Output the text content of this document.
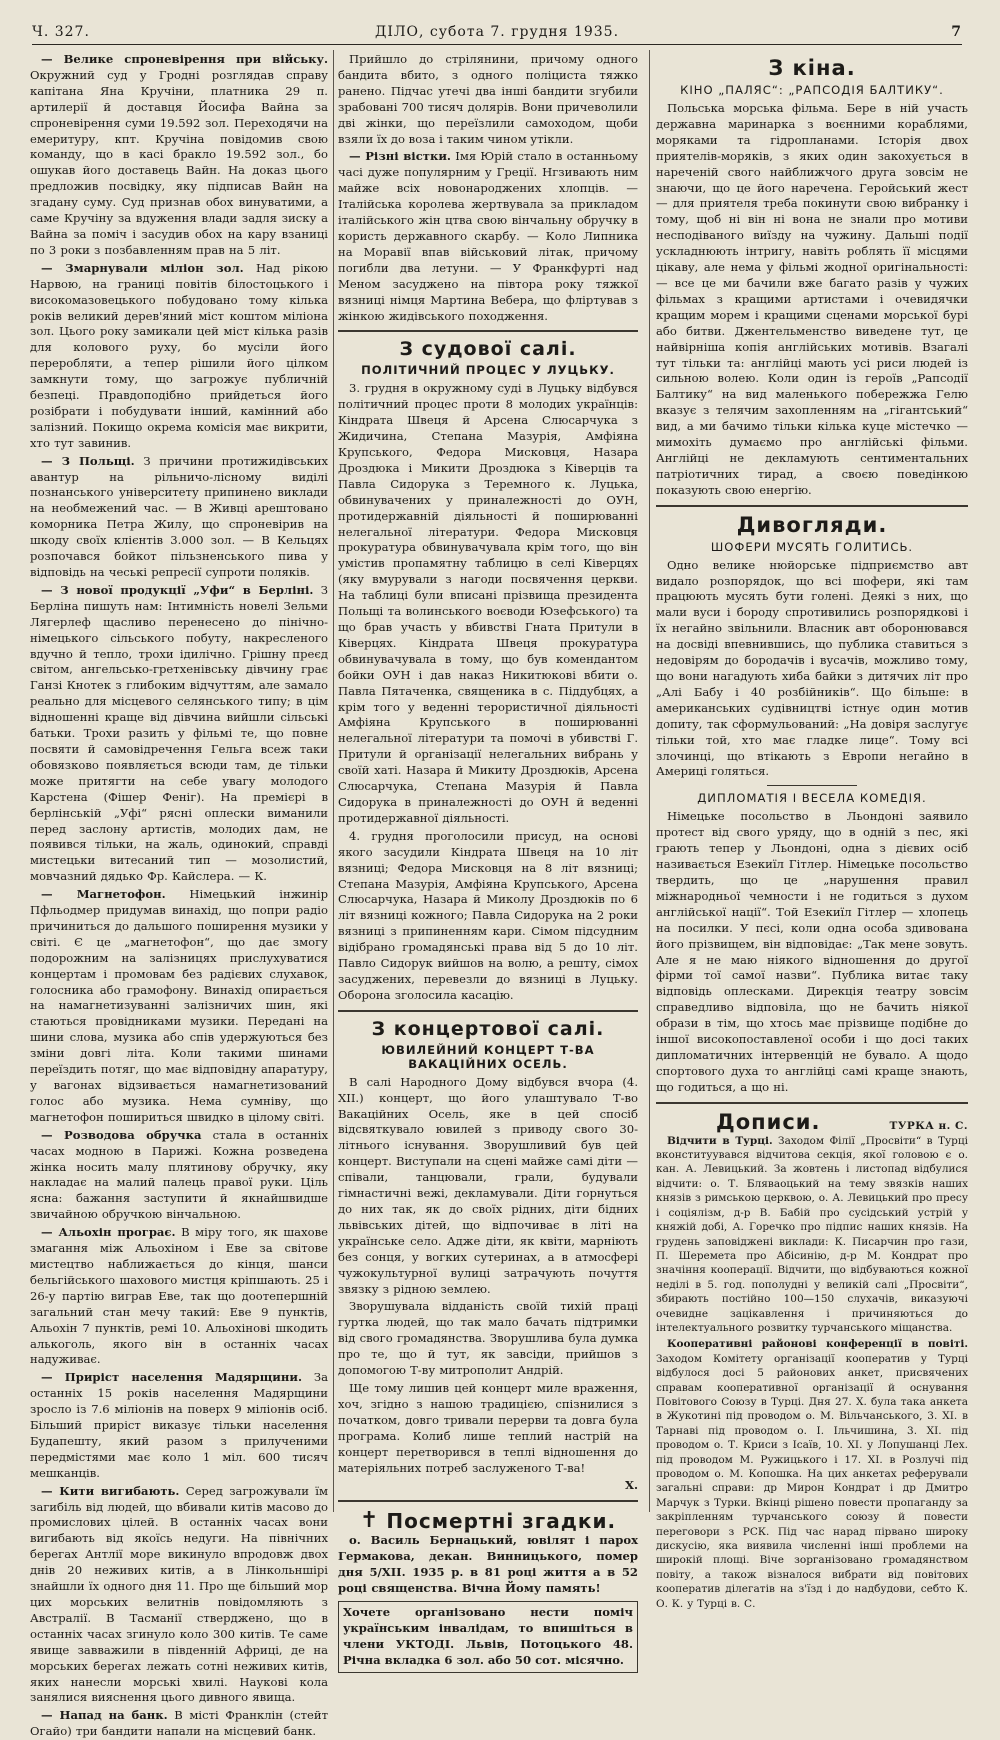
Ч. 327.	ДІЛО, субота 7. грудня 1935.	7

— Велике спроневірення при війську. Окружний суд у Гродні розглядав справу капітана Яна Кручіни, платника 29 п. артилерії й доставця Йосифа Вайна за спроневірення суми 19.592 зол. Переходячи на емеритуру, кпт. Кручіна повідомив свою команду, що в касі бракло 19.592 зол., бо ошукав його доставець Вайн. На доказ цього предложив посвідку, яку підписав Вайн на згадану суму. Суд признав обох винуватими, а саме Кручіну за вдуження влади задля зиску а Вайна за поміч і засудив обох на кару взаниці по 3 роки з позбавленням прав на 5 літ.

— Змарнували міліон зол. Над рікою Нарвою, на границі повітів білостоцького і високомазовецького побудовано тому кілька років великий дерев'яний міст коштом міліона зол. Цього року замикали цей міст кілька разів для колового руху, бо мусіли його переробляти, а тепер рішили його цілком замкнути тому, що загрожує публичній безпеці. Правдоподібно прийдеться його розібрати і побудувати інший, камінний або залізний. Покищо окрема комісія має викрити, хто тут завинив.

— З Польщі. З причини протижидівських авантур на рільничо-лісному виділі познанського університету припинено виклади на необмежений час. — В Живці арештовано коморника Петра Жилу, що спроневірив на шкоду своїх клієнтів 3.000 зол. — В Кельцях розпочався бойкот пільзненського пива у відповідь на чеські репресії супроти поляків.

— З нової продукції „Уфи“ в Берліні. З Берліна пишуть нам: Інтимність новелі Зельми Лягерлеф щасливо перенесено до пінічно-німецького сільського побуту, накресленого вдучно й тепло, трохи ідилічно. Грішну преєд світом, ангельсько-гретхенівську дівчину грає Ганзі Кнотек з глибоким відчуттям, але замало реально для місцевого селянського типу; в цім відношенні краще від дівчина вийшли сільські батьки. Трохи разить у фільмі те, що повне посвяти й самовідречення Гельга всеж таки обовязково появляється всюди там, де тільки може притягти на себе увагу молодого Карстена (Фішер Феніг). На премієрі в берлінській „Уфі“ рясні оплески виманили перед заслону артистів, молодих дам, не появився тільки, на жаль, одинокий, справді мистецьки витесаний тип — мозолистий, мовчазний дядько Фр. Кайслера. — К.

— Магнетофон. Німецький інжинір Пфльодмер придумав винахід, що попри радіо причиниться до дальшого поширення музики у світі. Є це „магнетофон“, що дає змогу подорожним на залізницях прислухуватися концертам і промовам без радієвих слухавок, голосника або грамофону. Винахід опирається на намагнетизуванні залізничих шин, які стаються провідниками музики. Передані на шини слова, музика або спів удержуються без зміни довгі літа. Коли такими шинами переїздить потяг, що має відповідну апаратуру, у вагонах відзивається намагнетизований голос або музика. Нема сумніву, що магнетофон пошириться швидко в цілому світі.

— Розводова обручка стала в останніх часах модною в Парижі. Кожна розведена жінка носить малу плятинову обручку, яку накладає на малий палець правої руки. Ціль ясна: бажання заступити й якнайшвидше звичайною обручкою вінчальною.

— Альохін програє. В міру того, як шахове змагання між Альохіном і Еве за світове мистецтво наближається до кінця, шанси бельгійського шахового мистця кріпшають. 25 і 26-у партію виграв Еве, так що доотепершній загальний стан мечу такий: Еве 9 пунктів, Альохін 7 пунктів, ремі 10. Альохінові шкодить алькоголь, якого він в останніх часах надуживає.

— Приріст населення Мадярщини. За останніх 15 років населення Мадярщини зросло із 7.6 міліонів на поверх 9 міліонів осіб. Більший приріст виказує тільки населення Будапешту, який разом з прилученими передмістями має коло 1 міл. 600 тисяч мешканців.

— Кити вигибають. Серед загрожували їм загибіль від людей, що вбивали китів масово до промислових цілей. В останніх часах вони вигибають від якоїсь недуги. На північних берегах Антлії море викинуло впродовж двох днів 20 неживих китів, а в Лінкольншірі знайшли їх одного дня 11. Про ще більший мор цих морських велитнів повідомляють з Австралії. В Тасманії стверджено, що в останніх часах згинуло коло 300 китів. Те саме явище завважили в південній Африці, де на морських берегах лежать сотні неживих китів, яких нанесли морські хвилі. Наукові кола занялися вияснення цього дивного явища.

— Напад на банк. В місті Франклін (стейт Огайо) три бандити напали на місцевий банк.

Прийшло до стрілянини, причому одного бандита вбито, з одного поліциста тяжко ранено. Підчас утечі два інші бандити згубили зрабовані 700 тисяч долярів. Вони причеволили дві жінки, що переїзлили самоходом, щоби взяли їх до воза і таким чином утікли.

— Різні вістки. Імя Юрій стало в останньому часі дуже популярним у Греції. Нгзивають ним майже всіх новонароджених хлопців. — Італійська королева жертвувала за прикладом італійського жін цтва свою вінчальну обручку в користь державного скарбу. — Коло Липника на Моравії впав військовий літак, причому погибли два летуни. — У Франкфурті над Меном засуджено на півтора року тяжкої вязниці німця Мартина Вебера, що фліртував з жінкою жидівського походження.

З судової салі.
ПОЛІТИЧНИЙ ПРОЦЕС У ЛУЦЬКУ.

3. грудня в окружному суді в Луцьку відбувся політичний процес проти 8 молодих українців: Кіндрата Швеця й Арсена Слюсарчука з Жидичина, Степана Мазурія, Амфіяна Крупського, Федора Мисковця, Назара Дроздюка і Микити Дроздюка з Ківерців та Павла Сидорука з Теремного к. Луцька, обвинувачених у приналежності до ОУН, протидержавній діяльності й поширюванні нелегальної літератури. Федора Мисковця прокуратура обвинувачувала крім того, що він умістив пропамятну таблицю в селі Ківерцях (яку вмурували з нагоди посвячення церкви. На таблиці були вписані прізвища президента Польщі та волинського воєводи Юзефського) та що брав участь у вбивстві Гната Притули в Ківерцях. Кіндрата Швеця прокуратура обвинувачувала в тому, що був комендантом бойки ОУН і дав наказ Никитюкові вбити о. Павла Пятаченка, священика в с. Піддубцях, а крім того у веденні терористичної діяльності Амфіяна Крупського в поширюванні нелегальної літератури та помочі в убивстві Г. Притули й організації нелегальних вибрань у своїй хаті. Назара й Микиту Дроздюків, Арсена Слюсарчука, Степана Мазурія й Павла Сидорука в приналежності до ОУН й веденні протидержавної діяльності.

4. грудня проголосили присуд, на основі якого засудили Кіндрата Швеця на 10 літ вязниці; Федора Мисковця на 8 літ вязниці; Степана Мазурія, Амфіяна Крупського, Арсена Слюсарчука, Назара й Миколу Дроздюків по 6 літ вязниці кожного; Павла Сидорука на 2 роки вязниці з припиненням кари. Сімом підсудним відібрано громадянські права від 5 до 10 літ. Павло Сидорук вийшов на волю, а решту, сімох засуджених, перевезли до вязниці в Луцьку. Оборона зголосила касацію.

З концертової салі.
ЮВИЛЕЙНИЙ КОНЦЕРТ Т-ВА ВАКАЦІЙНИХ ОСЕЛЬ.

В салі Народного Дому відбувся вчора (4. XII.) концерт, що його улаштувало Т-во Вакаційних Осель, яке в цей спосіб відсвяткувало ювилей з приводу свого 30-літнього існування. Зворушливий був цей концерт. Виступали на сцені майже самі діти — співали, танцювали, грали, будували гімнастичні вежі, декламували. Діти горнуться до них так, як до своїх рідних, діти бідних львівських дітей, що відпочиває в літі на українське село. Адже діти, як квіти, марніють без сонця, у вогких сутеринах, а в атмосфері чужокультурної вулиці затрачують почуття звязку з рідною землею.

Зворушувала відданість своїй тихій праці гуртка людей, що так мало бачать підтримки від свого громадянства. Зворушлива була думка про те, що й тут, як завсіди, прийшов з допомогою Т-ву митрополит Андрій.

Ще тому лишив цей концерт миле враження, хоч, згідно з нашою традицією, спізнилися з початком, довго тривали перерви та довга була програма. Колиб лише теплий настрій на концерт перетворився в теплі відношення до матеріяльних потреб заслуженого Т-ва!

Х.

✝ Посмертні згадки.

о. Василь Бернацький, ювілят і парох Гермакова, декан. Винницького, помер дня 5/XII. 1935 р. в 81 році життя а в 52 році священства. Вічна Йому память!

Хочете організовано нести поміч українським інвалідам, то впишіться в члени УКТОДІ. Львів, Потоцького 48. Річна вкладка 6 зол. або 50 сот. місячно.
З кіна.
КІНО „ПАЛЯС“: „РАПСОДІЯ БАЛТИКУ“.

Польська морська фільма. Бере в ній участь державна маринарка з воєнними кораблями, моряками та гідропланами. Історія двох приятелів-моряків, з яких один закохується в нареченій свого найближчого друга зовсім не знаючи, що це його наречена. Геройський жест — для приятеля треба покинути свою вибранку і тому, щоб ні він ні вона не знали про мотиви несподіваного виїзду на чужину. Дальші події ускладнюють інтригу, навіть роблять її місцями цікаву, але нема у фільмі жодної оригінальності: — все це ми бачили вже багато разів у чужих фільмах з кращими артистами і очевидячки кращим морем і кращими сценами морської бурі або битви. Джентельменство виведене тут, це найвірніша копія англійських мотивів. Взагалі тут тільки та: англійці мають усі риси людей із сильною волею. Коли один із героїв „Рапсодії Балтику“ на вид маленького побережжа Гелю вказує з телячим захопленням на „гігантський“ вид, а ми бачимо тільки кілька куце містечко — мимохіть думаємо про англійські фільми. Англійці не декламують сентиментальних патріотичних тирад, а своєю поведінкою показують свою енергію.

Дивогляди.
ШОФЕРИ МУСЯТЬ ГОЛИТИСЬ.

Одно велике нюйорське підприємство авт видало розпорядок, що всі шофери, які там працюють мусять бути голені. Деякі з них, що мали вуси і бороду спротивились розпорядкові і їх негайно звільнили. Власник авт оборонювався на досвіді впевнившись, що публика ставиться з недовірям до бородачів і вусачів, можливо тому, що вони нагадують хиба байки з дитячих літ про „Алі Бабу і 40 розбійників“. Що більше: в американських судівництві істнує один мотив допиту, так сформульований: „На довіря заслугує тільки той, хто має гладке лице“. Тому всі злочинці, що втікають з Европи негайно в Америці голяться.

ДИПЛОМАТІЯ І ВЕСЕЛА КОМЕДІЯ.

Німецьке посольство в Льондоні заявило протест від свого уряду, що в одній з пес, які грають тепер у Льондоні, одна з дієвих осіб називається Езекиїл Гітлер. Німецьке посольство твердить, що це „нарушення правил міжнародньої чемности і не годиться з духом англійської нації“. Той Езекиїл Гітлер — хлопець на посилки. У пєсі, коли одна особа здивована його прізвищем, він відповідає: „Так мене зовуть. Але я не маю ніякого відношення до другої фірми тої самої назви“. Публика витає таку відповідь оплесками. Дирекція театру зовсім справедливо відповіла, що не бачить ніякої образи в тім, що хтось має прізвище подібне до іншої високопоставленої особи і що досі таких дипломатичних інтервенцій не бувало. А щодо спортового духа то англійці самі краще знають, що годиться, а що ні.

Дописи.	ТУРКА н. С.

Відчити в Турці. Заходом Філії „Просвіти“ в Турці вконституувався відчитова секція, якої головою є о. кан. А. Левицький. За жовтень і листопад відбулися відчити: о. Т. Бляваоцький на тему звязків наших князів з римською церквою, о. А. Левицький про пресу і соціялізм, д-р В. Бабій про сусідський устрій у княжій добі, А. Горечко про підпис наших князів. На грудень заповіджені виклади: К. Писарчин про гази, П. Шеремета про Абісинію, д-р М. Кондрат про значіння кооперації. Відчити, що відбуваються кожної неділі в 5. год. пополудні у великій салі „Просвіти“, збирають постійно 100—150 слухачів, виказуючі очевидне зацікавлення і причиняються до інтелектуального розвитку турчанського міщанства.

Кооперативні районові конференції в повіті. Заходом Комітету організації кооператив у Турці відбулося досі 5 районових анкет, присвячених справам кооперативної організації й оснування Повітового Союзу в Турці. Дня 27. Х. була така анкета в Жукотині під проводом о. М. Вільчанського, 3. XI. в Тарнаві під проводом о. І. Ільчишина, 3. XI. під проводом о. Т. Криси з Ісаїв, 10. XI. у Лопушанці Лех. під проводом М. Ружицького і 17. XI. в Розлучі під проводом о. М. Копошка. На цих анкетах реферували загальні справи: др Мирон Кондрат і др Дмитро Марчук з Турки. Вкінці рішено повести пропаганду за закріпленням турчанського союзу й повести переговори з РСК. Під час нарад пірвано широку дискусію, яка виявила численні інші проблеми на широкій площі. Віче зорганізовано громадянством повіту, а також візналося вибрати від повітових кооператив ділегатів на з'їзд і до надбудови, себто К. О. К. у Турці в. С.
